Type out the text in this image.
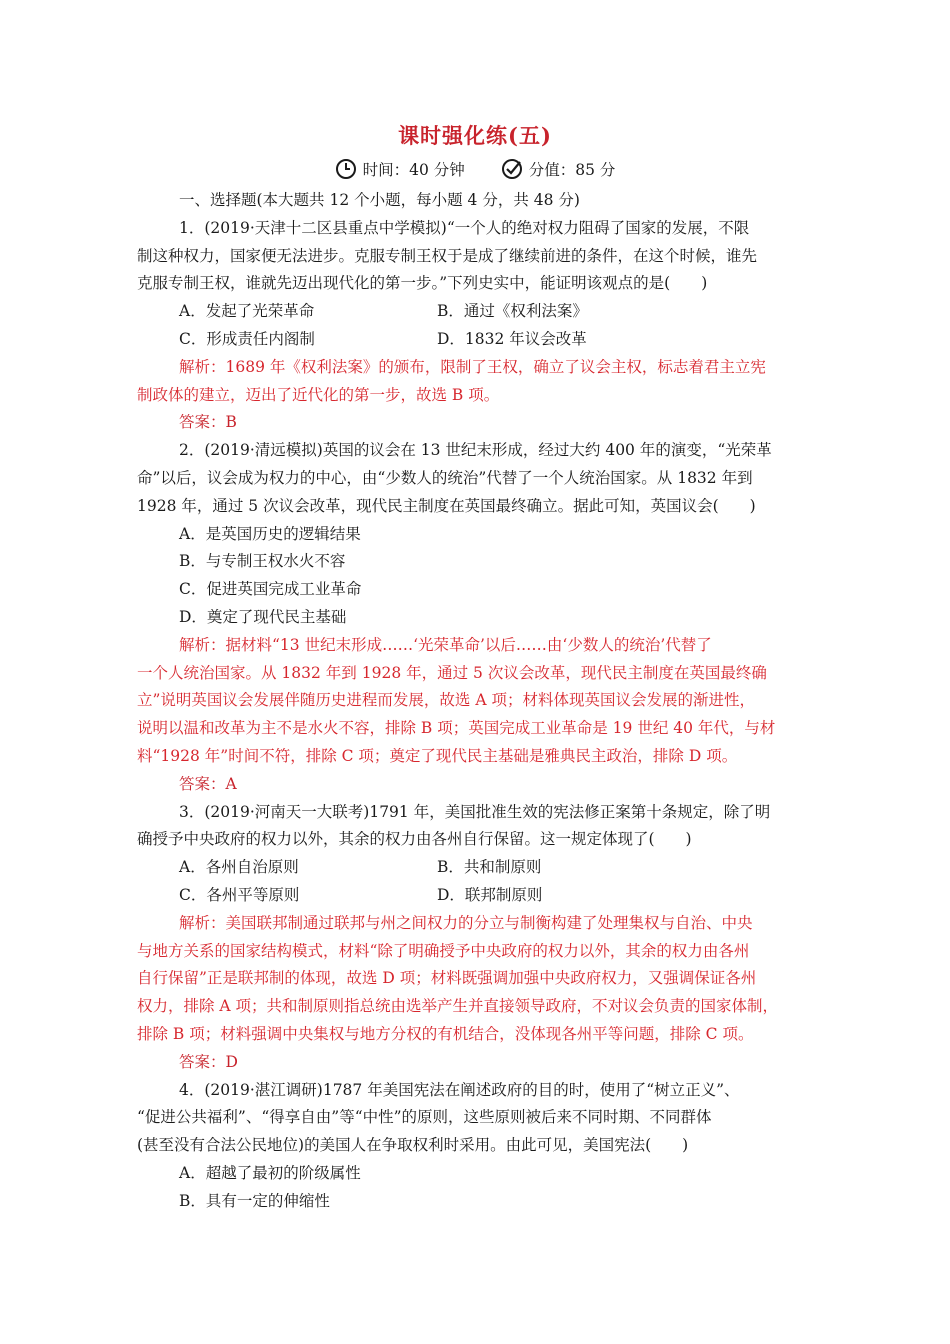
课时强化练(五)
时间：40 分钟	分值：85 分
一、选择题(本大题共 12 个小题，每小题 4 分，共 48 分)
1．(2019·天津十二区县重点中学模拟)“一个人的绝对权力阻碍了国家的发展，不限
制这种权力，国家便无法进步。克服专制王权于是成了继续前进的条件，在这个时候，谁先
克服专制王权，谁就先迈出现代化的第一步。”下列史实中，能证明该观点的是(　　)
A．发起了光荣革命	B．通过《权利法案》
C．形成责任内阁制	D．1832 年议会改革
解析：1689 年《权利法案》的颁布，限制了王权，确立了议会主权，标志着君主立宪
制政体的建立，迈出了近代化的第一步，故选 B 项。
答案：B
2．(2019·清远模拟)英国的议会在 13 世纪末形成，经过大约 400 年的演变，“光荣革
命”以后，议会成为权力的中心，由“少数人的统治”代替了一个人统治国家。从 1832 年到
1928 年，通过 5 次议会改革，现代民主制度在英国最终确立。据此可知，英国议会(　　)
A．是英国历史的逻辑结果
B．与专制王权水火不容
C．促进英国完成工业革命
D．奠定了现代民主基础
解析：据材料“13 世纪末形成……‘光荣革命’以后……由‘少数人的统治’代替了
一个人统治国家。从 1832 年到 1928 年，通过 5 次议会改革，现代民主制度在英国最终确
立”说明英国议会发展伴随历史进程而发展，故选 A 项；材料体现英国议会发展的渐进性，
说明以温和改革为主不是水火不容，排除 B 项；英国完成工业革命是 19 世纪 40 年代，与材
料“1928 年”时间不符，排除 C 项；奠定了现代民主基础是雅典民主政治，排除 D 项。
答案：A
3．(2019·河南天一大联考)1791 年，美国批准生效的宪法修正案第十条规定，除了明
确授予中央政府的权力以外，其余的权力由各州自行保留。这一规定体现了(　　)
A．各州自治原则	B．共和制原则
C．各州平等原则	D．联邦制原则
解析：美国联邦制通过联邦与州之间权力的分立与制衡构建了处理集权与自治、中央
与地方关系的国家结构模式，材料“除了明确授予中央政府的权力以外，其余的权力由各州
自行保留”正是联邦制的体现，故选 D 项；材料既强调加强中央政府权力，又强调保证各州
权力，排除 A 项；共和制原则指总统由选举产生并直接领导政府，不对议会负责的国家体制，
排除 B 项；材料强调中央集权与地方分权的有机结合，没体现各州平等问题，排除 C 项。
答案：D
4．(2019·湛江调研)1787 年美国宪法在阐述政府的目的时，使用了“树立正义”、
“促进公共福利”、“得享自由”等“中性”的原则，这些原则被后来不同时期、不同群体
(甚至没有合法公民地位)的美国人在争取权利时采用。由此可见，美国宪法(　　)
A．超越了最初的阶级属性
B．具有一定的伸缩性
